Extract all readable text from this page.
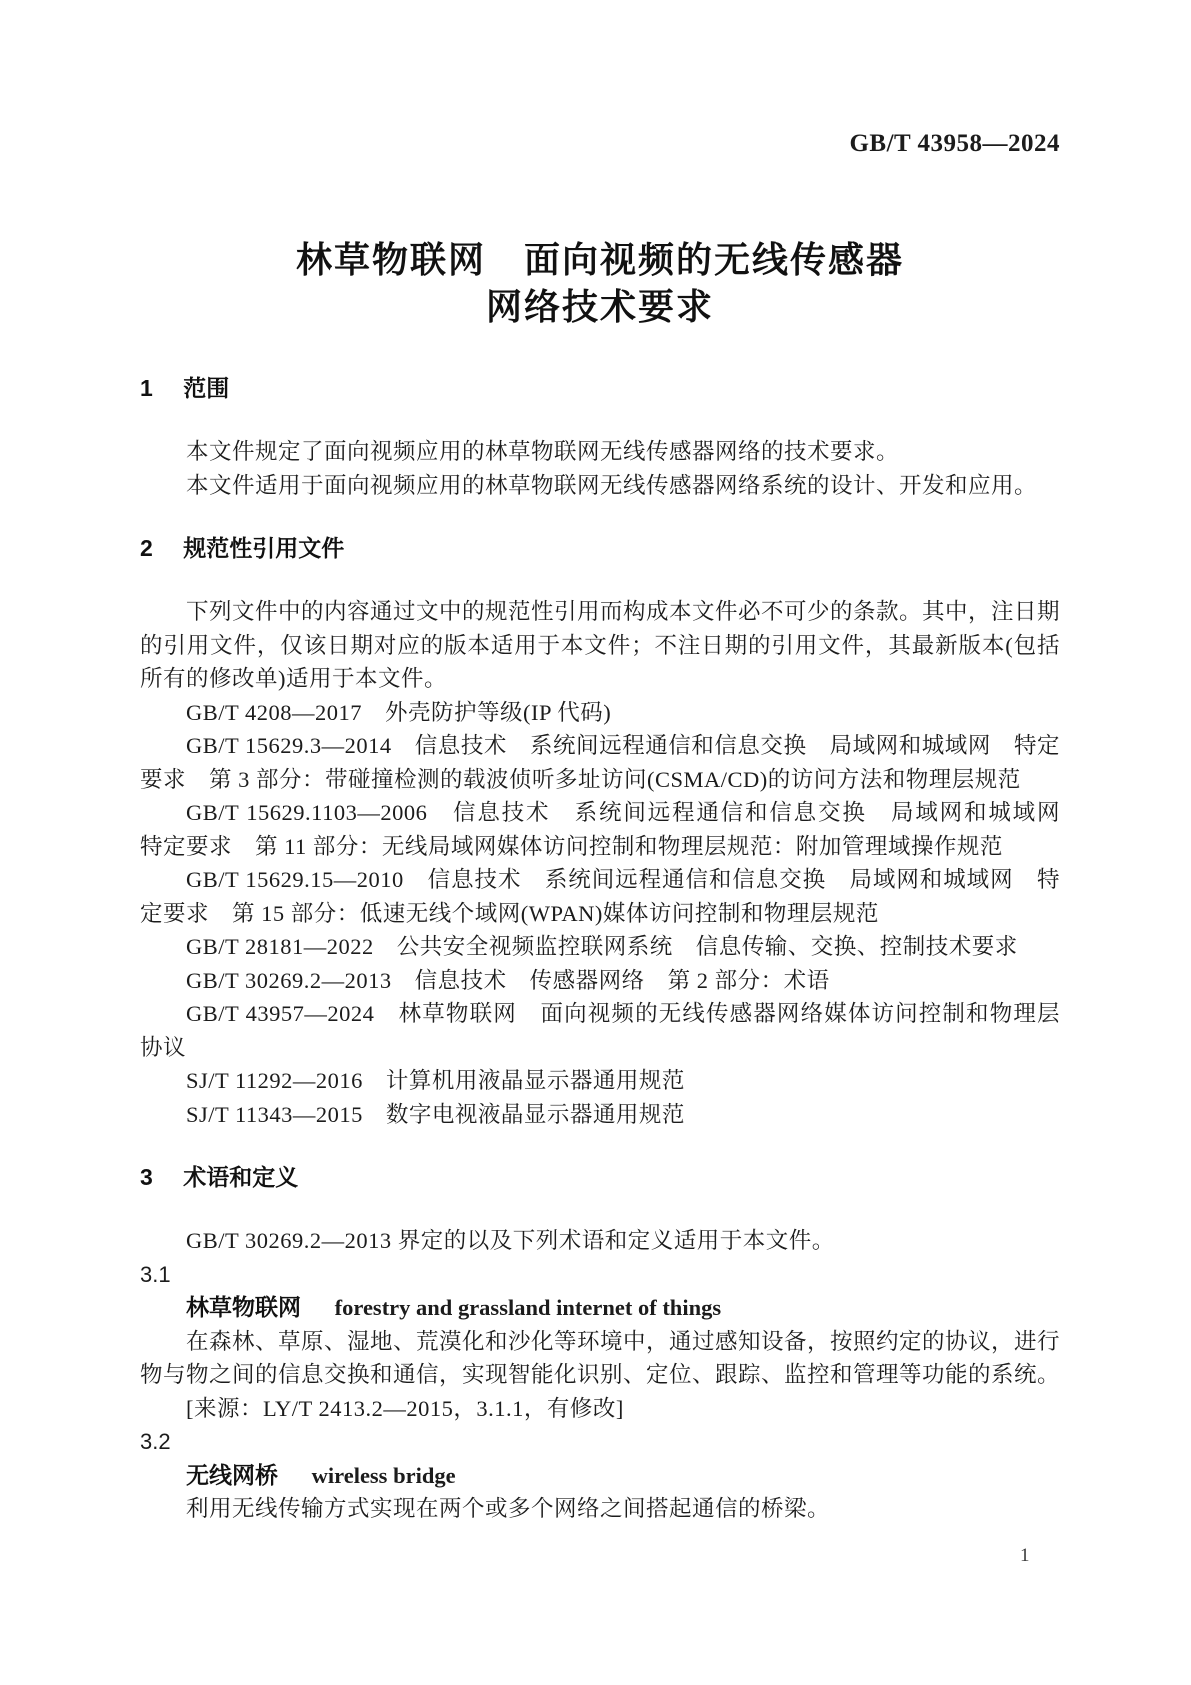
GB/T 43958—2024
林草物联网　面向视频的无线传感器
网络技术要求
1 范围

本文件规定了面向视频应用的林草物联网无线传感器网络的技术要求。

本文件适用于面向视频应用的林草物联网无线传感器网络系统的设计、开发和应用。

2 规范性引用文件

下列文件中的内容通过文中的规范性引用而构成本文件必不可少的条款。其中，注日期的引用文件，仅该日期对应的版本适用于本文件；不注日期的引用文件，其最新版本(包括所有的修改单)适用于本文件。

GB/T 4208—2017　外壳防护等级(IP 代码)

GB/T 15629.3—2014　信息技术　系统间远程通信和信息交换　局域网和城域网　特定要求　第 3 部分：带碰撞检测的载波侦听多址访问(CSMA/CD)的访问方法和物理层规范

GB/T 15629.1103—2006　信息技术　系统间远程通信和信息交换　局域网和城域网　特定要求　第 11 部分：无线局域网媒体访问控制和物理层规范：附加管理域操作规范

GB/T 15629.15—2010　信息技术　系统间远程通信和信息交换　局域网和城域网　特定要求　第 15 部分：低速无线个域网(WPAN)媒体访问控制和物理层规范

GB/T 28181—2022　公共安全视频监控联网系统　信息传输、交换、控制技术要求

GB/T 30269.2—2013　信息技术　传感器网络　第 2 部分：术语

GB/T 43957—2024　林草物联网　面向视频的无线传感器网络媒体访问控制和物理层协议

SJ/T 11292—2016　计算机用液晶显示器通用规范

SJ/T 11343—2015　数字电视液晶显示器通用规范

3 术语和定义

GB/T 30269.2—2013 界定的以及下列术语和定义适用于本文件。

3.1

林草物联网 forestry and grassland internet of things

在森林、草原、湿地、荒漠化和沙化等环境中，通过感知设备，按照约定的协议，进行物与物之间的信息交换和通信，实现智能化识别、定位、跟踪、监控和管理等功能的系统。

[来源：LY/T 2413.2—2015，3.1.1，有修改]

3.2

无线网桥 wireless bridge

利用无线传输方式实现在两个或多个网络之间搭起通信的桥梁。

1
